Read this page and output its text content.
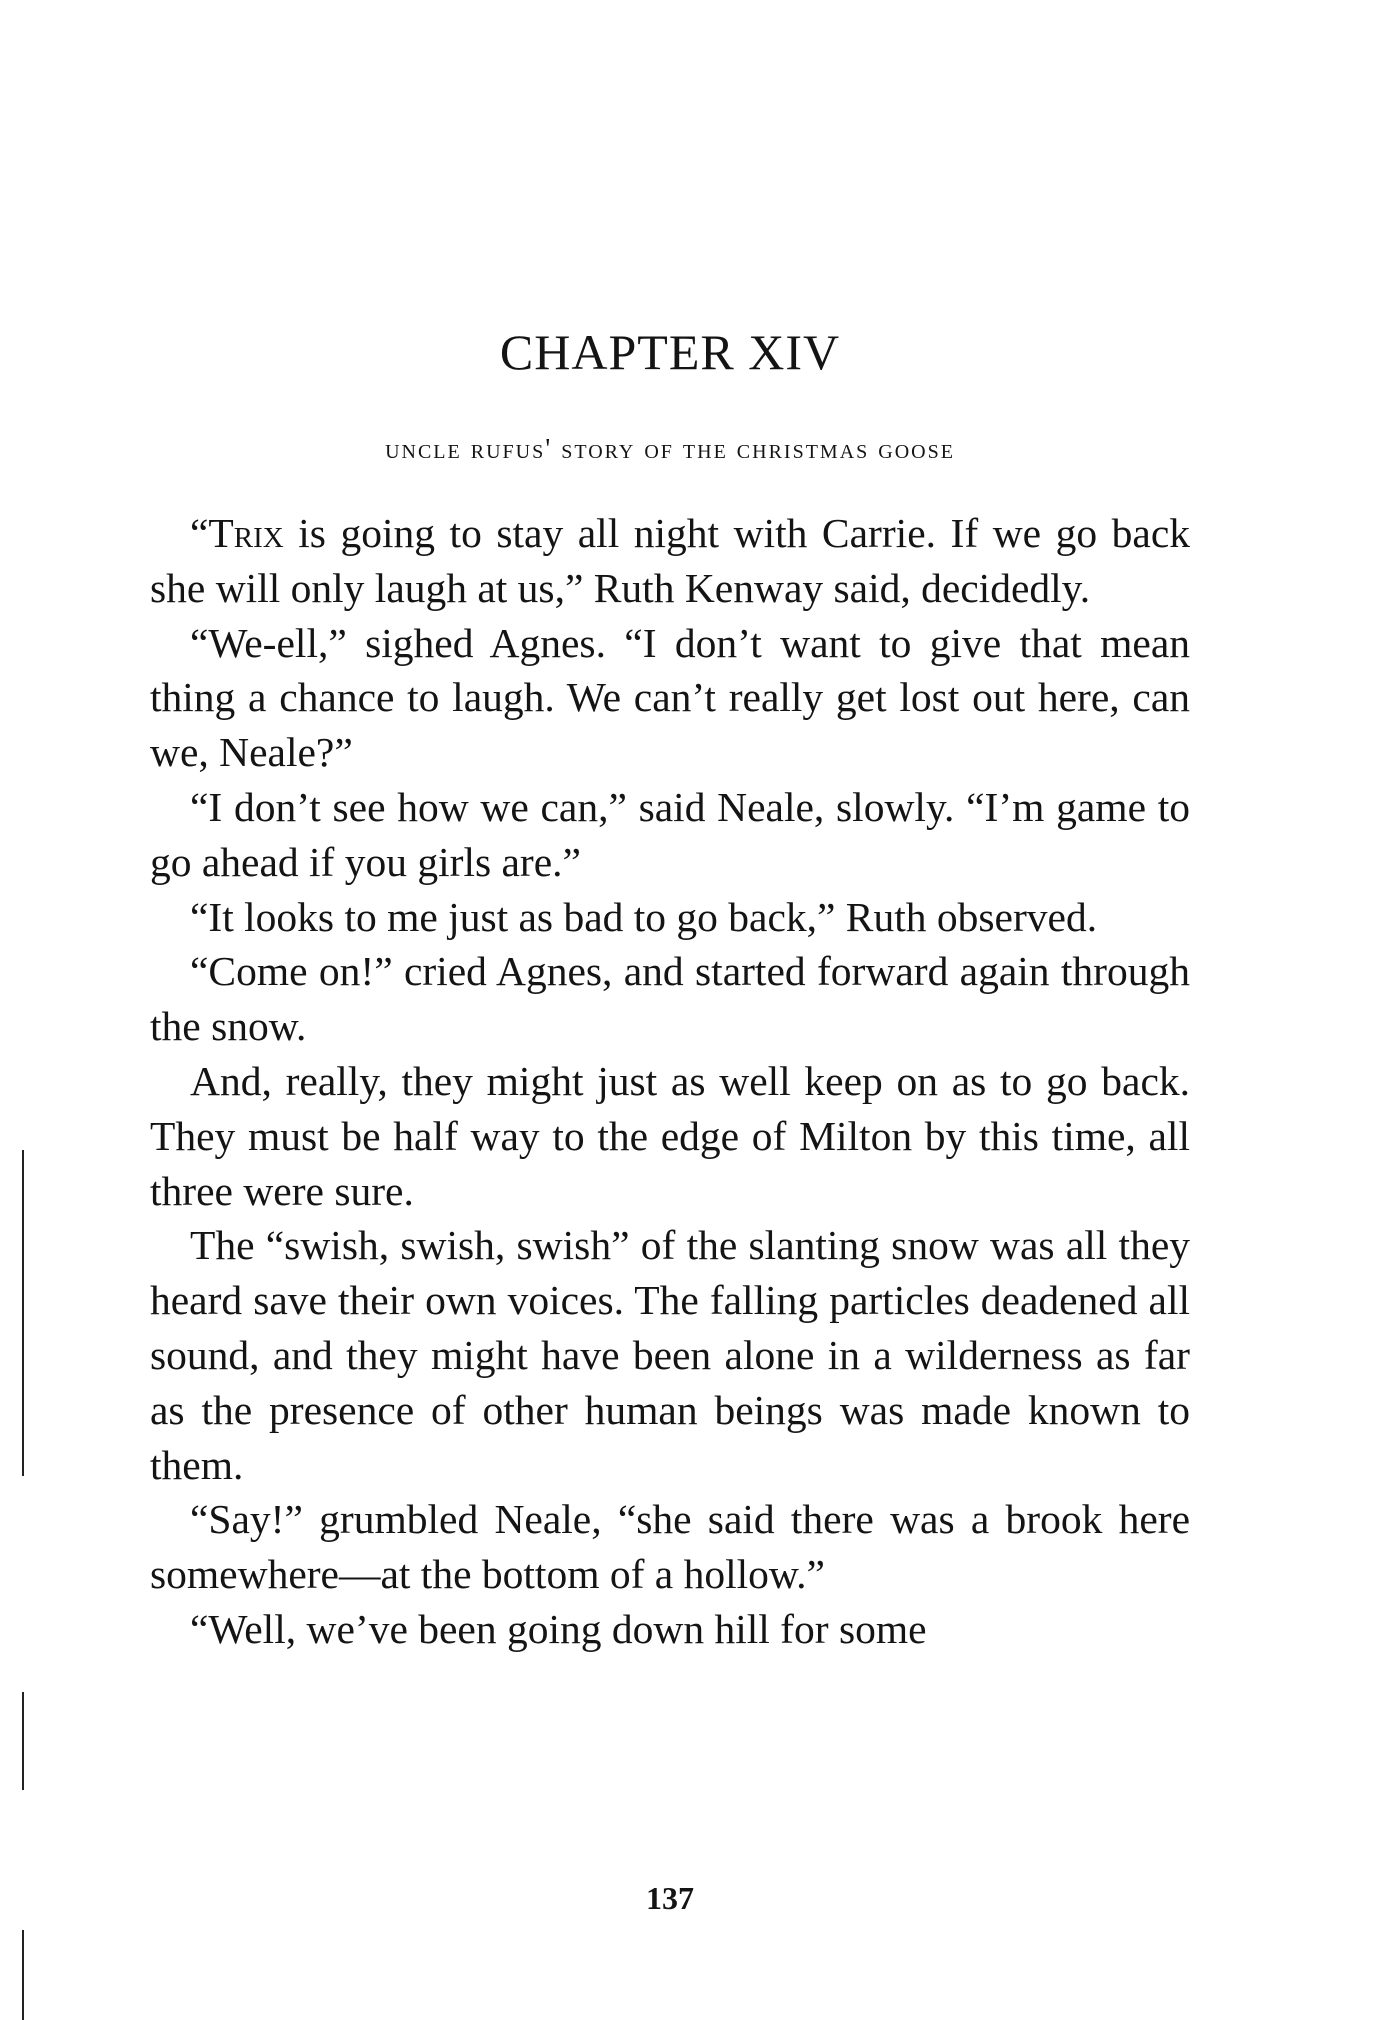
CHAPTER XIV
uncle rufus' story of the christmas goose

“Trix is going to stay all night with Carrie. If we go back she will only laugh at us,” Ruth Kenway said, decidedly.

“We-ell,” sighed Agnes. “I don’t want to give that mean thing a chance to laugh. We can’t really get lost out here, can we, Neale?”

“I don’t see how we can,” said Neale, slowly. “I’m game to go ahead if you girls are.”

“It looks to me just as bad to go back,” Ruth observed.

“Come on!” cried Agnes, and started forward again through the snow.

And, really, they might just as well keep on as to go back. They must be half way to the edge of Milton by this time, all three were sure.

The “swish, swish, swish” of the slanting snow was all they heard save their own voices. The falling particles deadened all sound, and they might have been alone in a wilderness as far as the presence of other human beings was made known to them.

“Say!” grumbled Neale, “she said there was a brook here somewhere—at the bottom of a hollow.”

“Well, we’ve been going down hill for some

137
